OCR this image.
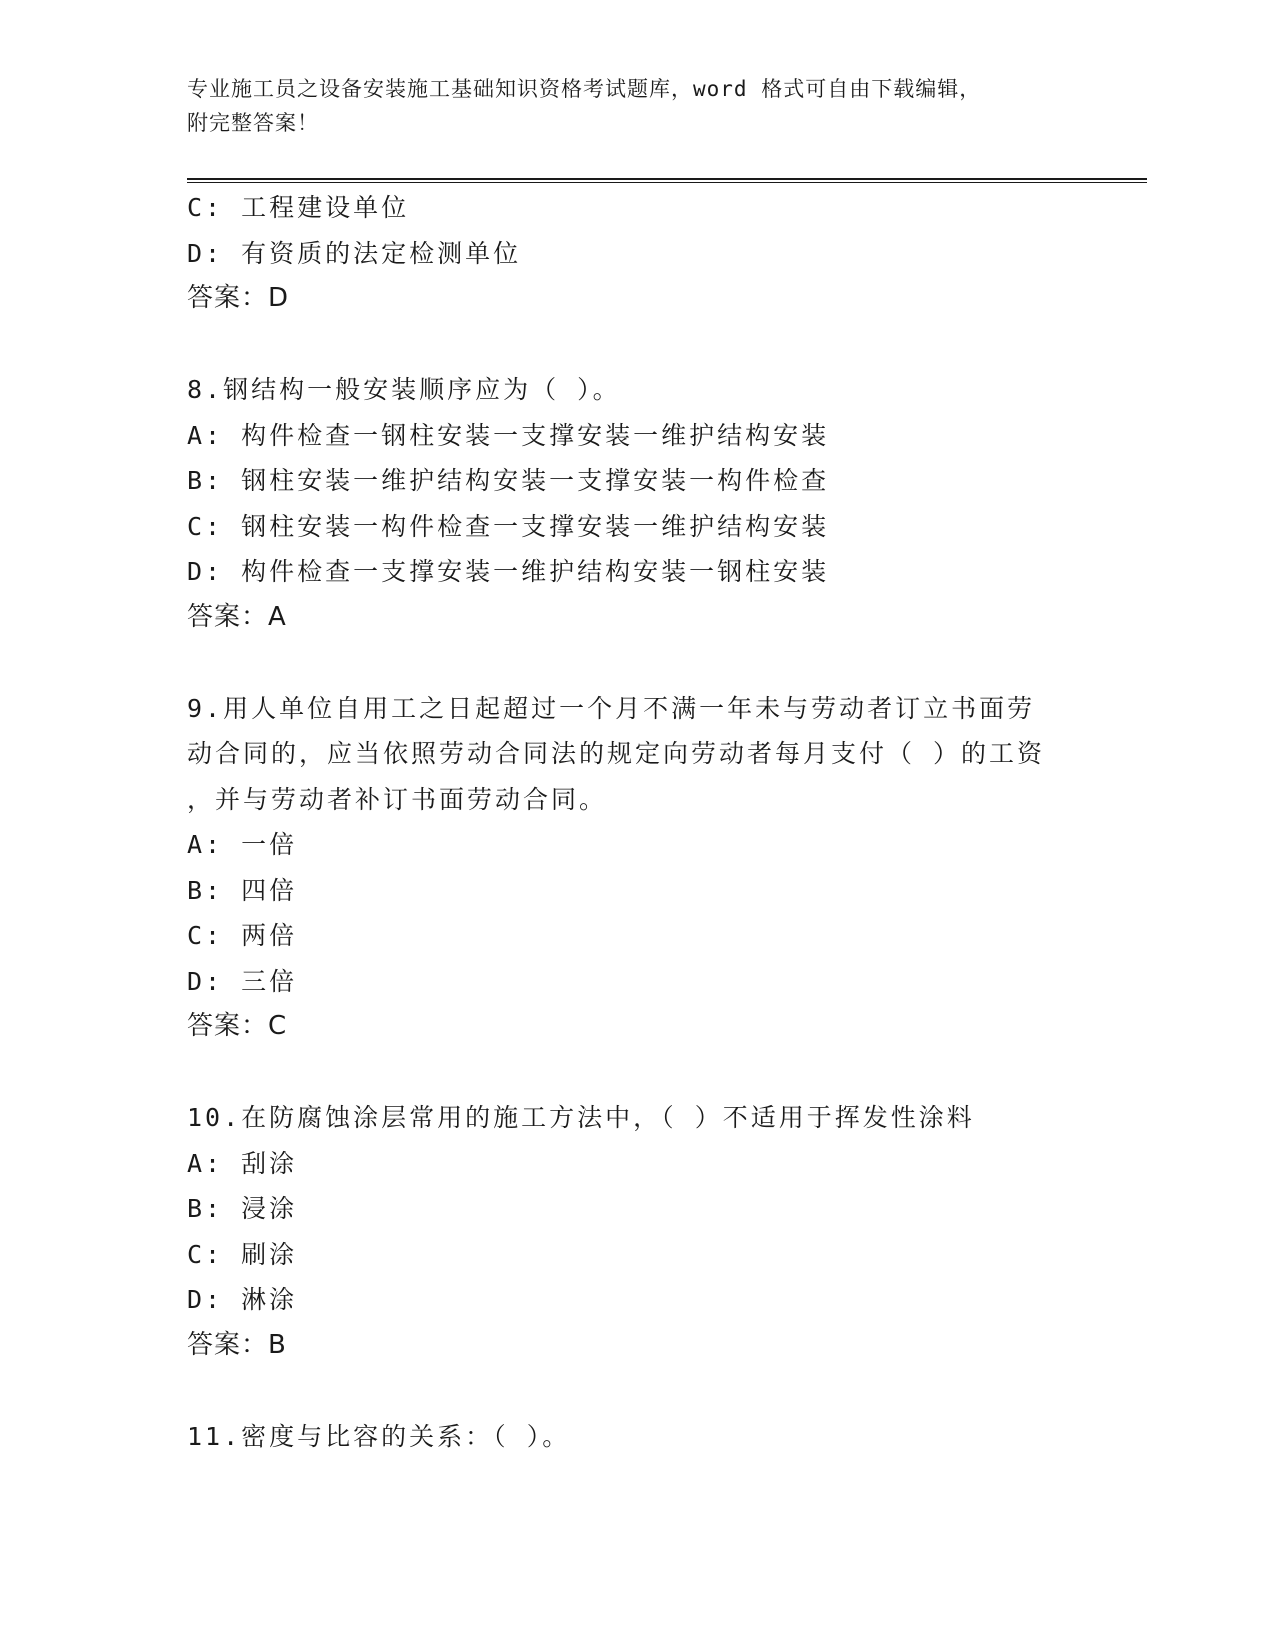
专业施工员之设备安装施工基础知识资格考试题库，word 格式可自由下载编辑，
附完整答案！
C: 工程建设单位
D: 有资质的法定检测单位
答案：D
8.钢结构一般安装顺序应为（ ）。
A: 构件检查一钢柱安装一支撑安装一维护结构安装
B: 钢柱安装一维护结构安装一支撑安装一构件检查
C: 钢柱安装一构件检查一支撑安装一维护结构安装
D: 构件检查一支撑安装一维护结构安装一钢柱安装
答案：A
9.用人单位自用工之日起超过一个月不满一年未与劳动者订立书面劳
动合同的，应当依照劳动合同法的规定向劳动者每月支付（ ）的工资
，并与劳动者补订书面劳动合同。
A: 一倍
B: 四倍
C: 两倍
D: 三倍
答案：C
10.在防腐蚀涂层常用的施工方法中，（ ）不适用于挥发性涂料
A: 刮涂
B: 浸涂
C: 刷涂
D: 淋涂
答案：B
11.密度与比容的关系：（ ）。
